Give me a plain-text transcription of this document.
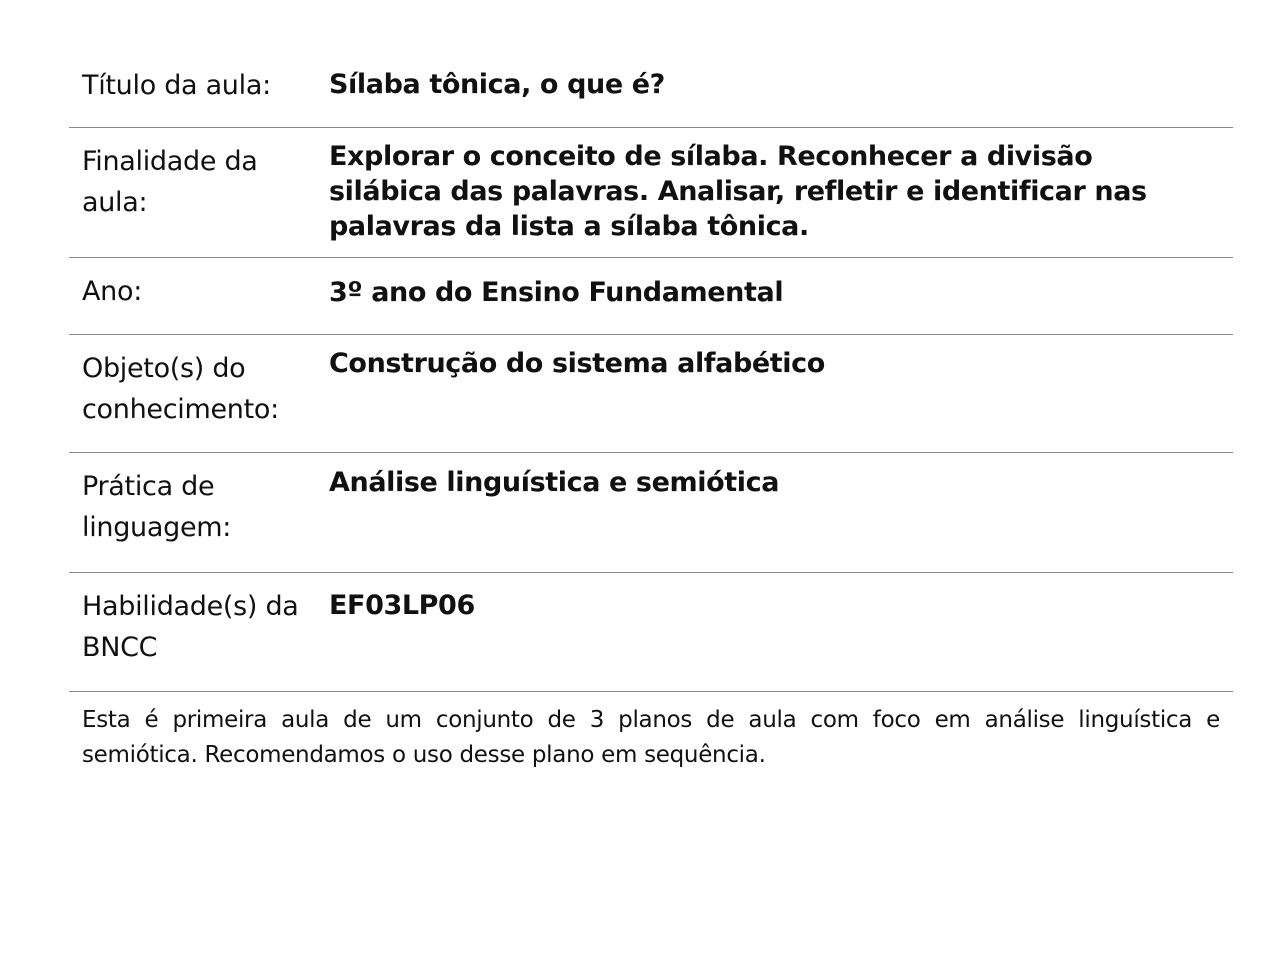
Título da aula:	Sílaba tônica, o que é?
Finalidade da aula:
Explorar o conceito de sílaba. Reconhecer a divisão silábica das palavras. Analisar, refletir e identificar nas palavras da lista a sílaba tônica.
Ano:	3º ano do Ensino Fundamental
Objeto(s) do conhecimento:
Construção do sistema alfabético
Prática de linguagem:
Análise linguística e semiótica
Habilidade(s) da BNCC
EF03LP06
Esta é primeira aula de um conjunto de 3 planos de aula com foco em análise linguística e semiótica. Recomendamos o uso desse plano em sequência.
